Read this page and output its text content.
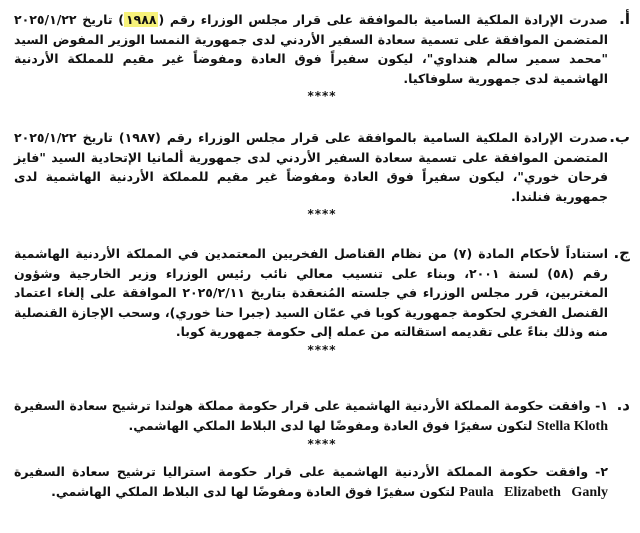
أ.

صدرت الإرادة الملكية السامية بالموافقة على قرار مجلس الوزراء رقم (١٩٨٨) تاريخ ٢٠٢٥/١/٢٢ المتضمن الموافقة على تسمية سعادة السفير الأردني لدى جمهورية النمسا الوزير المفوض السيد "محمد سمير سالم هنداوي"، ليكون سفيراً فوق العادة ومفوضاً غير مقيم للمملكة الأردنية الهاشمية لدى جمهورية سلوفاكيا.

****
ب.

صدرت الإرادة الملكية السامية بالموافقة على قرار مجلس الوزراء رقم (١٩٨٧) تاريخ ٢٠٢٥/١/٢٢ المتضمن الموافقة على تسمية سعادة السفير الأردني لدى جمهورية ألمانيا الإتحادية السيد "فايز فرحان خوري"، ليكون سفيراً فوق العادة ومفوضاً غير مقيم للمملكة الأردنية الهاشمية لدى جمهورية فنلندا.

****
ج.

استناداً لأحكام المادة (٧) من نظام القناصل الفخريين المعتمدين في المملكة الأردنية الهاشمية رقم (٥٨) لسنة ٢٠٠١، وبناء على تنسيب معالي نائب رئيس الوزراء وزير الخارجية وشؤون المغتربين، قرر مجلس الوزراء في جلسته المُنعقدة بتاريخ ٢٠٢٥/٢/١١ الموافقة على إلغاء اعتماد القنصل الفخري لحكومة جمهورية كوبا في عمّان السيد (جبرا حنا خوري)، وسحب الإجازة القنصلية منه وذلك بناءً على تقديمه استقالته من عمله إلى حكومة جمهورية كوبا.

****
د.

١- وافقت حكومة المملكة الأردنية الهاشمية على قرار حكومة مملكة هولندا ترشيح سعادة السفيرة Stella Kloth لتكون سفيرًا فوق العادة ومفوضًا لها لدى البلاط الملكي الهاشمي.

****

٢- وافقت حكومة المملكة الأردنية الهاشمية على قرار حكومة استراليا ترشيح سعادة السفيرة Paula   Elizabeth   Ganly لتكون سفيرًا فوق العادة ومفوضًا لها لدى البلاط الملكي الهاشمي.
